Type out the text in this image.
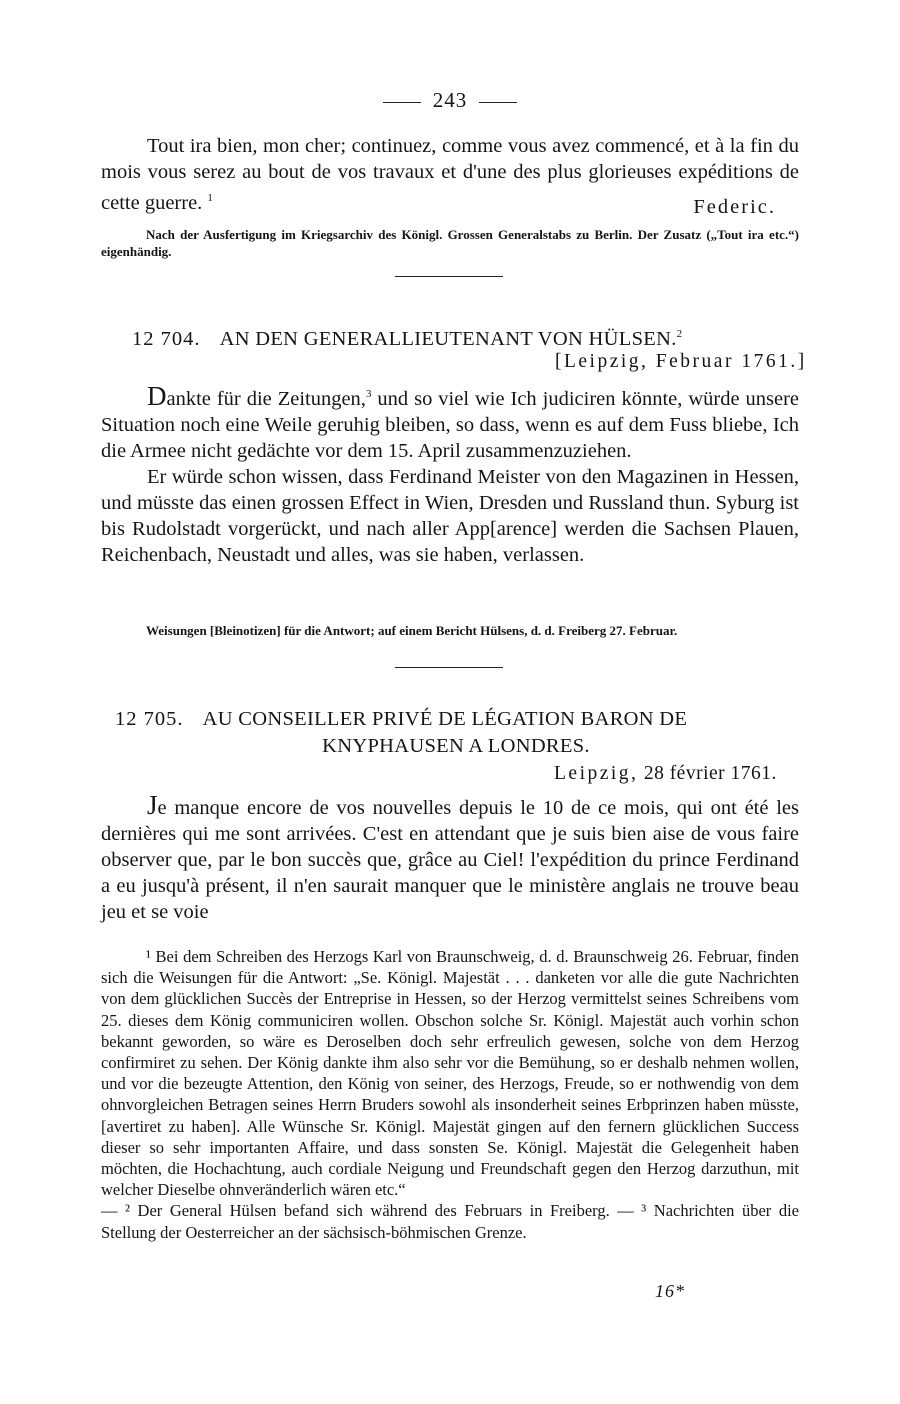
243

Tout ira bien, mon cher; continuez, comme vous avez commencé, et à la fin du mois vous serez au bout de vos travaux et d'une des plus glorieuses expéditions de cette guerre. $^1$	Federic.
Nach der Ausfertigung im Kriegsarchiv des Königl. Grossen Generalstabs zu Berlin. Der Zusatz („Tout ira etc.“) eigenhändig.
12 704. AN DEN GENERALLIEUTENANT VON HÜLSEN.$^2$
[Leipzig, Februar 1761.]

Dankte für die Zeitungen,$^3$ und so viel wie Ich judiciren könnte, würde unsere Situation noch eine Weile geruhig bleiben, so dass, wenn es auf dem Fuss bliebe, Ich die Armee nicht gedächte vor dem 15. April zusammenzuziehen.

Er würde schon wissen, dass Ferdinand Meister von den Magazinen in Hessen, und müsste das einen grossen Effect in Wien, Dresden und Russland thun. Syburg ist bis Rudolstadt vorgerückt, und nach aller App[arence] werden die Sachsen Plauen, Reichenbach, Neustadt und alles, was sie haben, verlassen.

Weisungen [Bleinotizen] für die Antwort; auf einem Bericht Hülsens, d. d. Freiberg 27. Februar.
12 705. AU CONSEILLER PRIVÉ DE LÉGATION BARON DE
KNYPHAUSEN A LONDRES.
Leipzig, 28 février 1761.

Je manque encore de vos nouvelles depuis le 10 de ce mois, qui ont été les dernières qui me sont arrivées. C'est en attendant que je suis bien aise de vous faire observer que, par le bon succès que, grâce au Ciel! l'expédition du prince Ferdinand a eu jusqu'à présent, il n'en saurait manquer que le ministère anglais ne trouve beau jeu et se voie

¹ Bei dem Schreiben des Herzogs Karl von Braunschweig, d. d. Braunschweig 26. Februar, finden sich die Weisungen für die Antwort: „Se. Königl. Majestät . . . danketen vor alle die gute Nachrichten von dem glücklichen Succès der Entreprise in Hessen, so der Herzog vermittelst seines Schreibens vom 25. dieses dem König communiciren wollen. Obschon solche Sr. Königl. Majestät auch vorhin schon bekannt geworden, so wäre es Deroselben doch sehr erfreulich gewesen, solche von dem Herzog confirmiret zu sehen. Der König dankte ihm also sehr vor die Bemühung, so er deshalb nehmen wollen, und vor die bezeugte Attention, den König von seiner, des Herzogs, Freude, so er nothwendig von dem ohnvorgleichen Betragen seines Herrn Bruders sowohl als insonderheit seines Erbprinzen haben müsste, [avertiret zu haben]. Alle Wünsche Sr. Königl. Majestät gingen auf den fernern glücklichen Success dieser so sehr importanten Affaire, und dass sonsten Se. Königl. Majestät die Gelegenheit haben möchten, die Hochachtung, auch cordiale Neigung und Freundschaft gegen den Herzog darzuthun, mit welcher Dieselbe ohnveränderlich wären etc.“

— ² Der General Hülsen befand sich während des Februars in Freiberg. — ³ Nachrichten über die Stellung der Oesterreicher an der sächsisch-böhmischen Grenze.

16*
